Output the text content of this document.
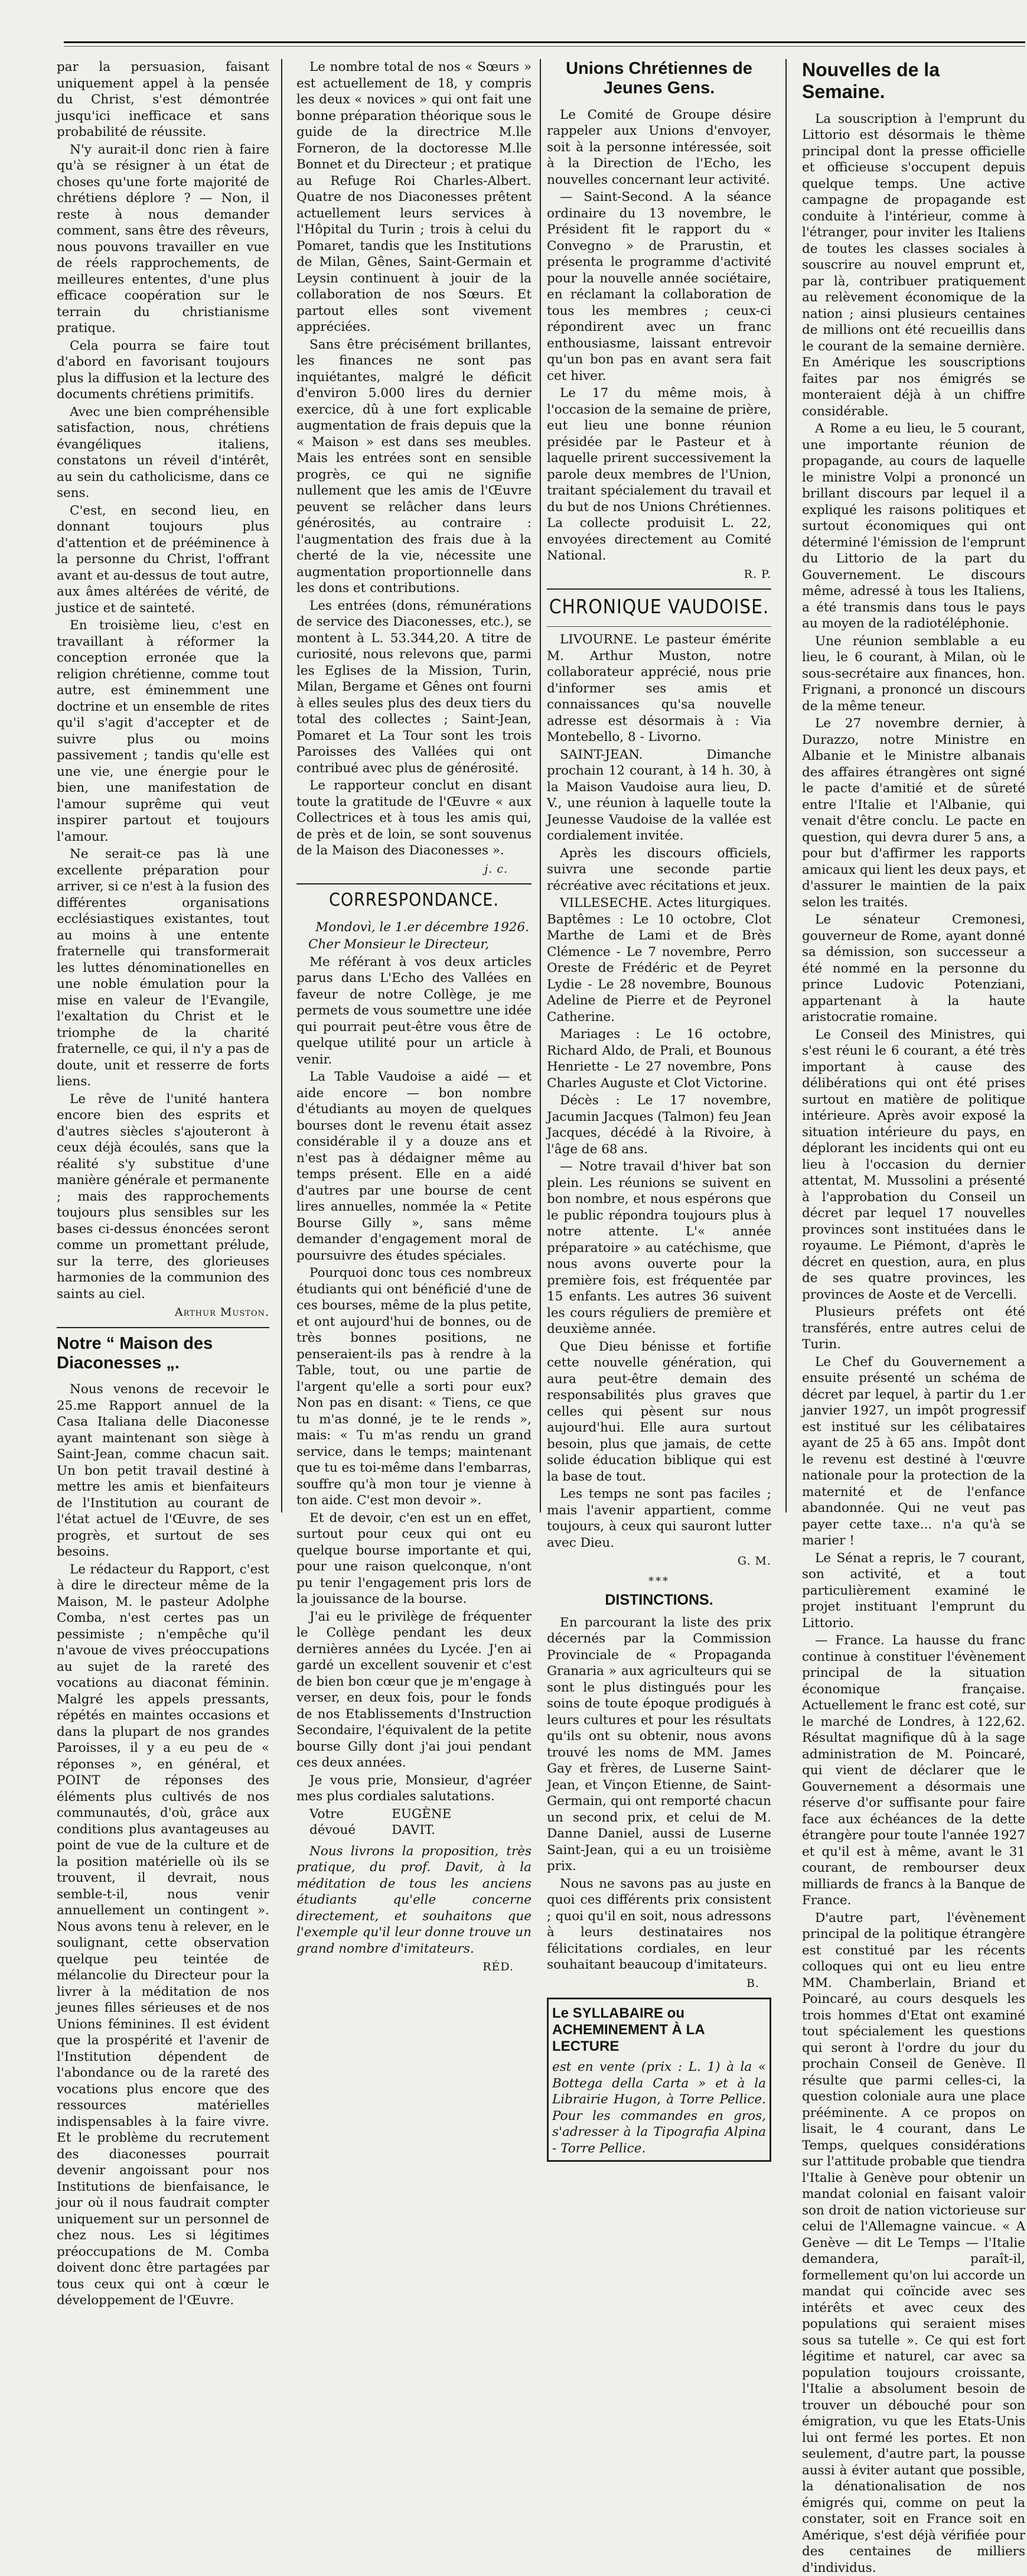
par la persuasion, faisant uniquement appel à la pensée du Christ, s'est démontrée jusqu'ici inefficace et sans probabilité de réussite.

N'y aurait-il donc rien à faire qu'à se résigner à un état de choses qu'une forte majorité de chrétiens déplore ? — Non, il reste à nous demander comment, sans être des rêveurs, nous pouvons travailler en vue de réels rapprochements, de meilleures ententes, d'une plus efficace coopération sur le terrain du christianisme pratique.

Cela pourra se faire tout d'abord en favorisant toujours plus la diffusion et la lecture des documents chrétiens primitifs.

Avec une bien compréhensible satisfaction, nous, chrétiens évangéliques italiens, constatons un réveil d'intérêt, au sein du catholicisme, dans ce sens.

C'est, en second lieu, en donnant toujours plus d'attention et de prééminence à la personne du Christ, l'offrant avant et au-dessus de tout autre, aux âmes altérées de vérité, de justice et de sainteté.

En troisième lieu, c'est en travaillant à réformer la conception erronée que la religion chrétienne, comme tout autre, est éminemment une doctrine et un ensemble de rites qu'il s'agit d'accepter et de suivre plus ou moins passivement ; tandis qu'elle est une vie, une énergie pour le bien, une manifestation de l'amour suprême qui veut inspirer partout et toujours l'amour.

Ne serait-ce pas là une excellente préparation pour arriver, si ce n'est à la fusion des différentes organisations ecclésiastiques existantes, tout au moins à une entente fraternelle qui transformerait les luttes dénominationelles en une noble émulation pour la mise en valeur de l'Evangile, l'exaltation du Christ et le triomphe de la charité fraternelle, ce qui, il n'y a pas de doute, unit et resserre de forts liens.

Le rêve de l'unité hantera encore bien des esprits et d'autres siècles s'ajouteront à ceux déjà écoulés, sans que la réalité s'y substitue d'une manière générale et permanente ; mais des rapprochements toujours plus sensibles sur les bases ci-dessus énoncées seront comme un promettant prélude, sur la terre, des glorieuses harmonies de la communion des saints au ciel.

Arthur Muston.
Notre “ Maison des Diaconesses „.

Nous venons de recevoir le 25.me Rapport annuel de la Casa Italiana delle Diaconesse ayant maintenant son siège à Saint-Jean, comme chacun sait. Un bon petit travail destiné à mettre les amis et bienfaiteurs de l'Institution au courant de l'état actuel de l'Œuvre, de ses progrès, et surtout de ses besoins.

Le rédacteur du Rapport, c'est à dire le directeur même de la Maison, M. le pasteur Adolphe Comba, n'est certes pas un pessimiste ; n'empêche qu'il n'avoue de vives préoccupations au sujet de la rareté des vocations au diaconat féminin. Malgré les appels pressants, répétés en maintes occasions et dans la plupart de nos grandes Paroisses, il y a eu peu de « réponses », en général, et POINT de réponses des éléments plus cultivés de nos communautés, d'où, grâce aux conditions plus avantageuses au point de vue de la culture et de la position matérielle où ils se trouvent, il devrait, nous semble-t-il, nous venir annuellement un contingent ». Nous avons tenu à relever, en le soulignant, cette observation quelque peu teintée de mélancolie du Directeur pour la livrer à la méditation de nos jeunes filles sérieuses et de nos Unions féminines. Il est évident que la prospérité et l'avenir de l'Institution dépendent de l'abondance ou de la rareté des vocations plus encore que des ressources matérielles indispensables à la faire vivre. Et le problème du recrutement des diaconesses pourrait devenir angoissant pour nos Institutions de bienfaisance, le jour où il nous faudrait compter uniquement sur un personnel de chez nous. Les si légitimes préoccupations de M. Comba doivent donc être partagées par tous ceux qui ont à cœur le développement de l'Œuvre.

Le nombre total de nos « Sœurs » est actuellement de 18, y compris les deux « novices » qui ont fait une bonne préparation théorique sous le guide de la directrice M.lle Forneron, de la doctoresse M.lle Bonnet et du Directeur ; et pratique au Refuge Roi Charles-Albert. Quatre de nos Diaconesses prêtent actuellement leurs services à l'Hôpital du Turin ; trois à celui du Pomaret, tandis que les Institutions de Milan, Gênes, Saint-Germain et Leysin continuent à jouir de la collaboration de nos Sœurs. Et partout elles sont vivement appréciées.

Sans être précisément brillantes, les finances ne sont pas inquiétantes, malgré le déficit d'environ 5.000 lires du dernier exercice, dû à une fort explicable augmentation de frais depuis que la « Maison » est dans ses meubles. Mais les entrées sont en sensible progrès, ce qui ne signifie nullement que les amis de l'Œuvre peuvent se relâcher dans leurs générosités, au contraire : l'augmentation des frais due à la cherté de la vie, nécessite une augmentation proportionnelle dans les dons et contributions.

Les entrées (dons, rémunérations de service des Diaconesses, etc.), se montent à L. 53.344,20. A titre de curiosité, nous relevons que, parmi les Eglises de la Mission, Turin, Milan, Bergame et Gênes ont fourni à elles seules plus des deux tiers du total des collectes ; Saint-Jean, Pomaret et La Tour sont les trois Paroisses des Vallées qui ont contribué avec plus de générosité.

Le rapporteur conclut en disant toute la gratitude de l'Œuvre « aux Collectrices et à tous les amis qui, de près et de loin, se sont souvenus de la Maison des Diaconesses ».

j. c.
CORRESPONDANCE.

Mondovì, le 1.er décembre 1926.

Cher Monsieur le Directeur,

Me référant à vos deux articles parus dans L'Echo des Vallées en faveur de notre Collège, je me permets de vous soumettre une idée qui pourrait peut-être vous être de quelque utilité pour un article à venir.

La Table Vaudoise a aidé — et aide encore — bon nombre d'étudiants au moyen de quelques bourses dont le revenu était assez considérable il y a douze ans et n'est pas à dédaigner même au temps présent. Elle en a aidé d'autres par une bourse de cent lires annuelles, nommée la « Petite Bourse Gilly », sans même demander d'engagement moral de poursuivre des études spéciales.

Pourquoi donc tous ces nombreux étudiants qui ont bénéficié d'une de ces bourses, même de la plus petite, et ont aujourd'hui de bonnes, ou de très bonnes positions, ne penseraient-ils pas à rendre à la Table, tout, ou une partie de l'argent qu'elle a sorti pour eux? Non pas en disant: « Tiens, ce que tu m'as donné, je te le rends », mais: « Tu m'as rendu un grand service, dans le temps; maintenant que tu es toi-même dans l'embarras, souffre qu'à mon tour je vienne à ton aide. C'est mon devoir ».

Et de devoir, c'en est un en effet, surtout pour ceux qui ont eu quelque bourse importante et qui, pour une raison quelconque, n'ont pu tenir l'engagement pris lors de la jouissance de la bourse.

J'ai eu le privilège de fréquenter le Collège pendant les deux dernières années du Lycée. J'en ai gardé un excellent souvenir et c'est de bien bon cœur que je m'engage à verser, en deux fois, pour le fonds de nos Etablissements d'Instruction Secondaire, l'équivalent de la petite bourse Gilly dont j'ai joui pendant ces deux années.

Je vous prie, Monsieur, d'agréer mes plus cordiales salutations.

Votre dévoué
EUGÈNE DAVIT.

Nous livrons la proposition, très pratique, du prof. Davit, à la méditation de tous les anciens étudiants qu'elle concerne directement, et souhaitons que l'exemple qu'il leur donne trouve un grand nombre d'imitateurs.

RÉD.
Unions Chrétiennes de Jeunes Gens.

Le Comité de Groupe désire rappeler aux Unions d'envoyer, soit à la personne intéressée, soit à la Direction de l'Echo, les nouvelles concernant leur activité.

— Saint-Second. A la séance ordinaire du 13 novembre, le Président fit le rapport du « Convegno » de Prarustin, et présenta le programme d'activité pour la nouvelle année sociétaire, en réclamant la collaboration de tous les membres ; ceux-ci répondirent avec un franc enthousiasme, laissant entrevoir qu'un bon pas en avant sera fait cet hiver.

Le 17 du même mois, à l'occasion de la semaine de prière, eut lieu une bonne réunion présidée par le Pasteur et à laquelle prirent successivement la parole deux membres de l'Union, traitant spécialement du travail et du but de nos Unions Chrétiennes. La collecte produisit L. 22, envoyées directement au Comité National.

R. P.
CHRONIQUE VAUDOISE.

LIVOURNE. Le pasteur émérite M. Arthur Muston, notre collaborateur apprécié, nous prie d'informer ses amis et connaissances qu'sa nouvelle adresse est désormais à : Via Montebello, 8 - Livorno.

SAINT-JEAN. Dimanche prochain 12 courant, à 14 h. 30, à la Maison Vaudoise aura lieu, D. V., une réunion à laquelle toute la Jeunesse Vaudoise de la vallée est cordialement invitée.

Après les discours officiels, suivra une seconde partie récréative avec récitations et jeux.

VILLESECHE. Actes liturgiques. Baptêmes : Le 10 octobre, Clot Marthe de Lami et de Brès Clémence - Le 7 novembre, Perro Oreste de Frédéric et de Peyret Lydie - Le 28 novembre, Bounous Adeline de Pierre et de Peyronel Catherine.

Mariages : Le 16 octobre, Richard Aldo, de Prali, et Bounous Henriette - Le 27 novembre, Pons Charles Auguste et Clot Victorine.

Décès : Le 17 novembre, Jacumin Jacques (Talmon) feu Jean Jacques, décédé à la Rivoire, à l'âge de 68 ans.

— Notre travail d'hiver bat son plein. Les réunions se suivent en bon nombre, et nous espérons que le public répondra toujours plus à notre attente. L'« année préparatoire » au catéchisme, que nous avons ouverte pour la première fois, est fréquentée par 15 enfants. Les autres 36 suivent les cours réguliers de première et deuxième année.

Que Dieu bénisse et fortifie cette nouvelle génération, qui aura peut-être demain des responsabilités plus graves que celles qui pèsent sur nous aujourd'hui. Elle aura surtout besoin, plus que jamais, de cette solide éducation biblique qui est la base de tout.

Les temps ne sont pas faciles ; mais l'avenir appartient, comme toujours, à ceux qui sauront lutter avec Dieu.

G. M.
***
DISTINCTIONS.

En parcourant la liste des prix décernés par la Commission Provinciale de « Propaganda Granaria » aux agriculteurs qui se sont le plus distingués pour les soins de toute époque prodigués à leurs cultures et pour les résultats qu'ils ont su obtenir, nous avons trouvé les noms de MM. James Gay et frères, de Luserne Saint-Jean, et Vinçon Etienne, de Saint-Germain, qui ont remporté chacun un second prix, et celui de M. Danne Daniel, aussi de Luserne Saint-Jean, qui a eu un troisième prix.

Nous ne savons pas au juste en quoi ces différents prix consistent ; quoi qu'il en soit, nous adressons à leurs destinataires nos félicitations cordiales, en leur souhaitant beaucoup d'imitateurs.

B.
Le SYLLABAIRE ou ACHEMINEMENT À LA LECTURE

est en vente (prix : L. 1) à la « Bottega della Carta » et à la Librairie Hugon, à Torre Pellice. Pour les commandes en gros, s'adresser à la Tipografia Alpina - Torre Pellice.

Nouvelles de la Semaine.

La souscription à l'emprunt du Littorio est désormais le thème principal dont la presse officielle et officieuse s'occupent depuis quelque temps. Une active campagne de propagande est conduite à l'intérieur, comme à l'étranger, pour inviter les Italiens de toutes les classes sociales à souscrire au nouvel emprunt et, par là, contribuer pratiquement au relèvement économique de la nation ; ainsi plusieurs centaines de millions ont été recueillis dans le courant de la semaine dernière. En Amérique les souscriptions faites par nos émigrés se monteraient déjà à un chiffre considérable.

A Rome a eu lieu, le 5 courant, une importante réunion de propagande, au cours de laquelle le ministre Volpi a prononcé un brillant discours par lequel il a expliqué les raisons politiques et surtout économiques qui ont déterminé l'émission de l'emprunt du Littorio de la part du Gouvernement. Le discours même, adressé à tous les Italiens, a été transmis dans tous le pays au moyen de la radiotéléphonie.

Une réunion semblable a eu lieu, le 6 courant, à Milan, où le sous-secrétaire aux finances, hon. Frignani, a prononcé un discours de la même teneur.

Le 27 novembre dernier, à Durazzo, notre Ministre en Albanie et le Ministre albanais des affaires étrangères ont signé le pacte d'amitié et de sûreté entre l'Italie et l'Albanie, qui venait d'être conclu. Le pacte en question, qui devra durer 5 ans, a pour but d'affirmer les rapports amicaux qui lient les deux pays, et d'assurer le maintien de la paix selon les traités.

Le sénateur Cremonesi, gouverneur de Rome, ayant donné sa démission, son successeur a été nommé en la personne du prince Ludovic Potenziani, appartenant à la haute aristocratie romaine.

Le Conseil des Ministres, qui s'est réuni le 6 courant, a été très important à cause des délibérations qui ont été prises surtout en matière de politique intérieure. Après avoir exposé la situation intérieure du pays, en déplorant les incidents qui ont eu lieu à l'occasion du dernier attentat, M. Mussolini a présenté à l'approbation du Conseil un décret par lequel 17 nouvelles provinces sont instituées dans le royaume. Le Piémont, d'après le décret en question, aura, en plus de ses quatre provinces, les provinces de Aoste et de Vercelli.

Plusieurs préfets ont été transférés, entre autres celui de Turin.

Le Chef du Gouvernement a ensuite présenté un schéma de décret par lequel, à partir du 1.er janvier 1927, un impôt progressif est institué sur les célibataires ayant de 25 à 65 ans. Impôt dont le revenu est destiné à l'œuvre nationale pour la protection de la maternité et de l'enfance abandonnée. Qui ne veut pas payer cette taxe... n'a qu'à se marier !

Le Sénat a repris, le 7 courant, son activité, et a tout particulièrement examiné le projet instituant l'emprunt du Littorio.

— France. La hausse du franc continue à constituer l'évènement principal de la situation économique française. Actuellement le franc est coté, sur le marché de Londres, à 122,62. Résultat magnifique dû à la sage administration de M. Poincaré, qui vient de déclarer que le Gouvernement a désormais une réserve d'or suffisante pour faire face aux échéances de la dette étrangère pour toute l'année 1927 et qu'il est à même, avant le 31 courant, de rembourser deux milliards de francs à la Banque de France.

D'autre part, l'évènement principal de la politique étrangère est constitué par les récents colloques qui ont eu lieu entre MM. Chamberlain, Briand et Poincaré, au cours desquels les trois hommes d'Etat ont examiné tout spécialement les questions qui seront à l'ordre du jour du prochain Conseil de Genève. Il résulte que parmi celles-ci, la question coloniale aura une place prééminente. A ce propos on lisait, le 4 courant, dans Le Temps, quelques considérations sur l'attitude probable que tiendra l'Italie à Genève pour obtenir un mandat colonial en faisant valoir son droit de nation victorieuse sur celui de l'Allemagne vaincue. « A Genève — dit Le Temps — l'Italie demandera, paraît-il, formellement qu'on lui accorde un mandat qui coïncide avec ses intérêts et avec ceux des populations qui seraient mises sous sa tutelle ». Ce qui est fort légitime et naturel, car avec sa population toujours croissante, l'Italie a absolument besoin de trouver un débouché pour son émigration, vu que les Etats-Unis lui ont fermé les portes. Et non seulement, d'autre part, la pousse aussi à éviter autant que possible, la dénationalisation de nos émigrés qui, comme on peut la constater, soit en France soit en Amérique, s'est déjà vérifiée pour des centaines de milliers d'individus.
